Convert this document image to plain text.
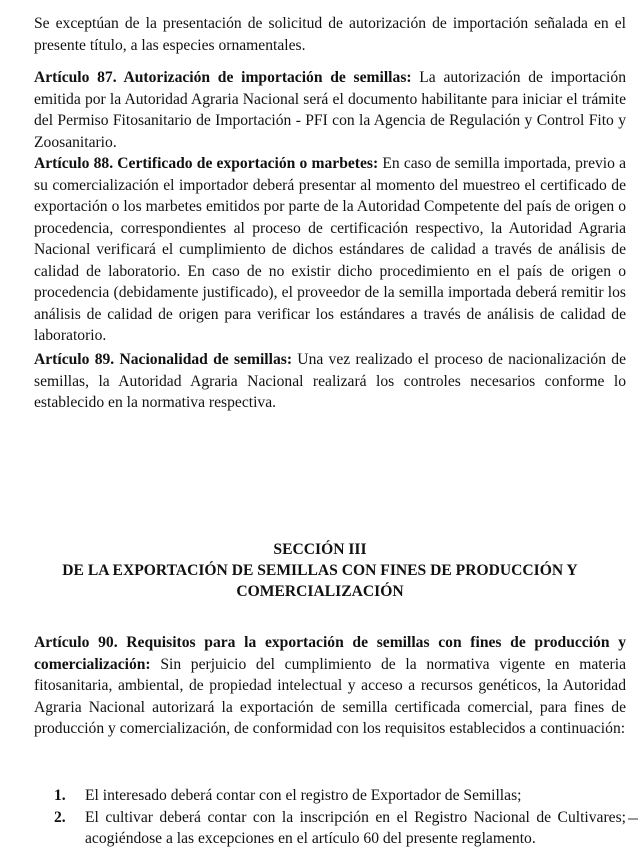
Se exceptúan de la presentación de solicitud de autorización de importación señalada en el presente título, a las especies ornamentales.

Artículo 87. Autorización de importación de semillas: La autorización de importación emitida por la Autoridad Agraria Nacional será el documento habilitante para iniciar el trámite del Permiso Fitosanitario de Importación - PFI con la Agencia de Regulación y Control Fito y Zoosanitario.

Artículo 88. Certificado de exportación o marbetes: En caso de semilla importada, previo a su comercialización el importador deberá presentar al momento del muestreo el certificado de exportación o los marbetes emitidos por parte de la Autoridad Competente del país de origen o procedencia, correspondientes al proceso de certificación respectivo, la Autoridad Agraria Nacional verificará el cumplimiento de dichos estándares de calidad a través de análisis de calidad de laboratorio. En caso de no existir dicho procedimiento en el país de origen o procedencia (debidamente justificado), el proveedor de la semilla importada deberá remitir los análisis de calidad de origen para verificar los estándares a través de análisis de calidad de laboratorio.

Artículo 89. Nacionalidad de semillas: Una vez realizado el proceso de nacionalización de semillas, la Autoridad Agraria Nacional realizará los controles necesarios conforme lo establecido en la normativa respectiva.

SECCIÓN III
DE LA EXPORTACIÓN DE SEMILLAS CON FINES DE PRODUCCIÓN Y
COMERCIALIZACIÓN

Artículo 90. Requisitos para la exportación de semillas con fines de producción y comercialización: Sin perjuicio del cumplimiento de la normativa vigente en materia fitosanitaria, ambiental, de propiedad intelectual y acceso a recursos genéticos, la Autoridad Agraria Nacional autorizará la exportación de semilla certificada comercial, para fines de producción y comercialización, de conformidad con los requisitos establecidos a continuación:

1. El interesado deberá contar con el registro de Exportador de Semillas;
2. El cultivar deberá contar con la inscripción en el Registro Nacional de Cultivares; acogiéndose a las excepciones en el artículo 60 del presente reglamento.
